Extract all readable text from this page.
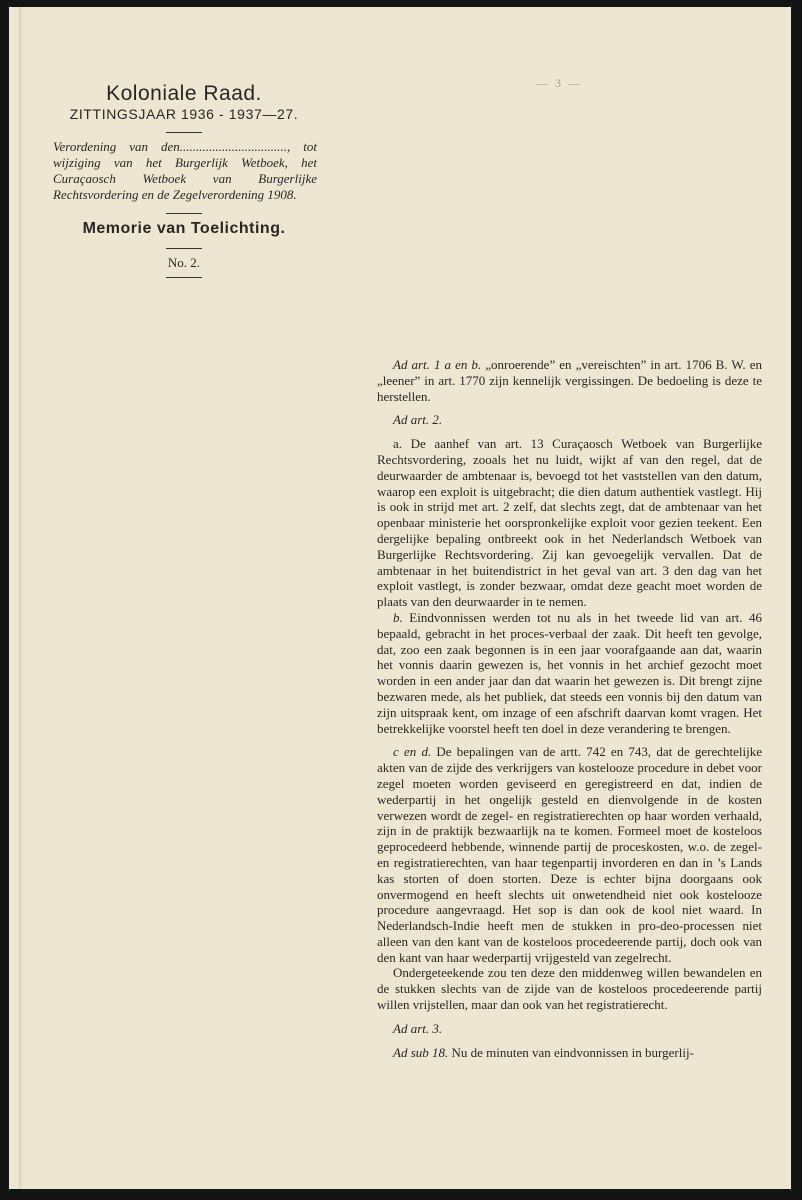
— 3 —
Koloniale Raad.
ZITTINGSJAAR 1936 - 1937—27.
Verordening van den................................., tot wijziging van het Burgerlijk Wetboek, het Curaçaosch Wetboek van Burgerlijke Rechtsvordering en de Zegelverordening 1908.
Memorie van Toelichting.
No. 2.

Ad art. 1 a en b. „onroerende” en „vereischten” in art. 1706 B. W. en „leener” in art. 1770 zijn kennelijk vergissingen. De bedoeling is deze te herstellen.

Ad art. 2.

a. De aanhef van art. 13 Curaçaosch Wetboek van Burgerlijke Rechtsvordering, zooals het nu luidt, wijkt af van den regel, dat de deurwaarder de ambtenaar is, bevoegd tot het vaststellen van den datum, waarop een exploit is uitgebracht; die dien datum authentiek vastlegt. Hij is ook in strijd met art. 2 zelf, dat slechts zegt, dat de ambtenaar van het openbaar ministerie het oorspronkelijke exploit voor gezien teekent. Een dergelijke bepaling ontbreekt ook in het Nederlandsch Wetboek van Burgerlijke Rechtsvordering. Zij kan gevoegelijk vervallen. Dat de ambtenaar in het buitendistrict in het geval van art. 3 den dag van het exploit vastlegt, is zonder bezwaar, omdat deze geacht moet worden de plaats van den deurwaarder in te nemen.

b. Eindvonnissen werden tot nu als in het tweede lid van art. 46 bepaald, gebracht in het proces-verbaal der zaak. Dit heeft ten gevolge, dat, zoo een zaak begonnen is in een jaar voorafgaande aan dat, waarin het vonnis daarin gewezen is, het vonnis in het archief gezocht moet worden in een ander jaar dan dat waarin het gewezen is. Dit brengt zijne bezwaren mede, als het publiek, dat steeds een vonnis bij den datum van zijn uitspraak kent, om inzage of een afschrift daarvan komt vragen. Het betrekkelijke voorstel heeft ten doel in deze verandering te brengen.

c en d. De bepalingen van de artt. 742 en 743, dat de gerechtelijke akten van de zijde des verkrijgers van kostelooze procedure in debet voor zegel moeten worden geviseerd en geregistreerd en dat, indien de wederpartij in het ongelijk gesteld en dienvolgende in de kosten verwezen wordt de zegel- en registratierechten op haar worden verhaald, zijn in de praktijk bezwaarlijk na te komen. Formeel moet de kosteloos geprocedeerd hebbende, winnende partij de proceskosten, w.o. de zegel- en registratierechten, van haar tegenpartij invorderen en dan in ’s Lands kas storten of doen storten. Deze is echter bijna doorgaans ook onvermogend en heeft slechts uit onwetendheid niet ook kostelooze procedure aangevraagd. Het sop is dan ook de kool niet waard. In Nederlandsch-Indie heeft men de stukken in pro-deo-processen niet alleen van den kant van de kosteloos procedeerende partij, doch ook van den kant van haar wederpartij vrijgesteld van zegelrecht.

Ondergeteekende zou ten deze den middenweg willen bewandelen en de stukken slechts van de zijde van de kosteloos procedeerende partij willen vrijstellen, maar dan ook van het registratierecht.

Ad art. 3.

Ad sub 18. Nu de minuten van eindvonnissen in burgerlij-
